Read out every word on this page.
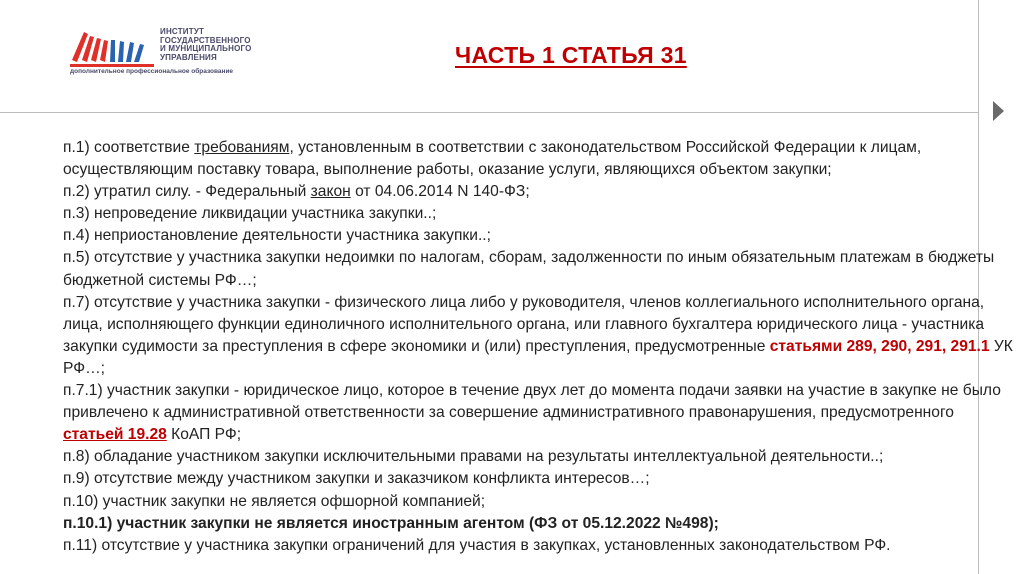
ИНСТИТУТ
ГОСУДАРСТВЕННОГО
И МУНИЦИПАЛЬНОГО
УПРАВЛЕНИЯ
дополнительное профессиональное образование
ЧАСТЬ 1 СТАТЬЯ 31

п.1) соответствие требованиям, установленным в соответствии с законодательством Российской Федерации к лицам, осуществляющим поставку товара, выполнение работы, оказание услуги, являющихся объектом закупки;

п.2) утратил силу. - Федеральный закон от 04.06.2014 N 140-ФЗ;

п.3) непроведение ликвидации участника закупки..;

п.4) неприостановление деятельности участника закупки..;

п.5) отсутствие у участника закупки недоимки по налогам, сборам, задолженности по иным обязательным платежам в бюджеты бюджетной системы РФ…;

п.7) отсутствие у участника закупки - физического лица либо у руководителя, членов коллегиального исполнительного органа, лица, исполняющего функции единоличного исполнительного органа, или главного бухгалтера юридического лица - участника закупки судимости за преступления в сфере экономики и (или) преступления, предусмотренные статьями 289, 290, 291, 291.1 УК РФ…;

п.7.1) участник закупки - юридическое лицо, которое в течение двух лет до момента подачи заявки на участие в закупке не было привлечено к административной ответственности за совершение административного правонарушения, предусмотренного статьей 19.28 КоАП РФ;

п.8) обладание участником закупки исключительными правами на результаты интеллектуальной деятельности..;

п.9) отсутствие между участником закупки и заказчиком конфликта интересов…;

п.10) участник закупки не является офшорной компанией;

п.10.1) участник закупки не является иностранным агентом (ФЗ от 05.12.2022 №498);

п.11) отсутствие у участника закупки ограничений для участия в закупках, установленных законодательством РФ.
